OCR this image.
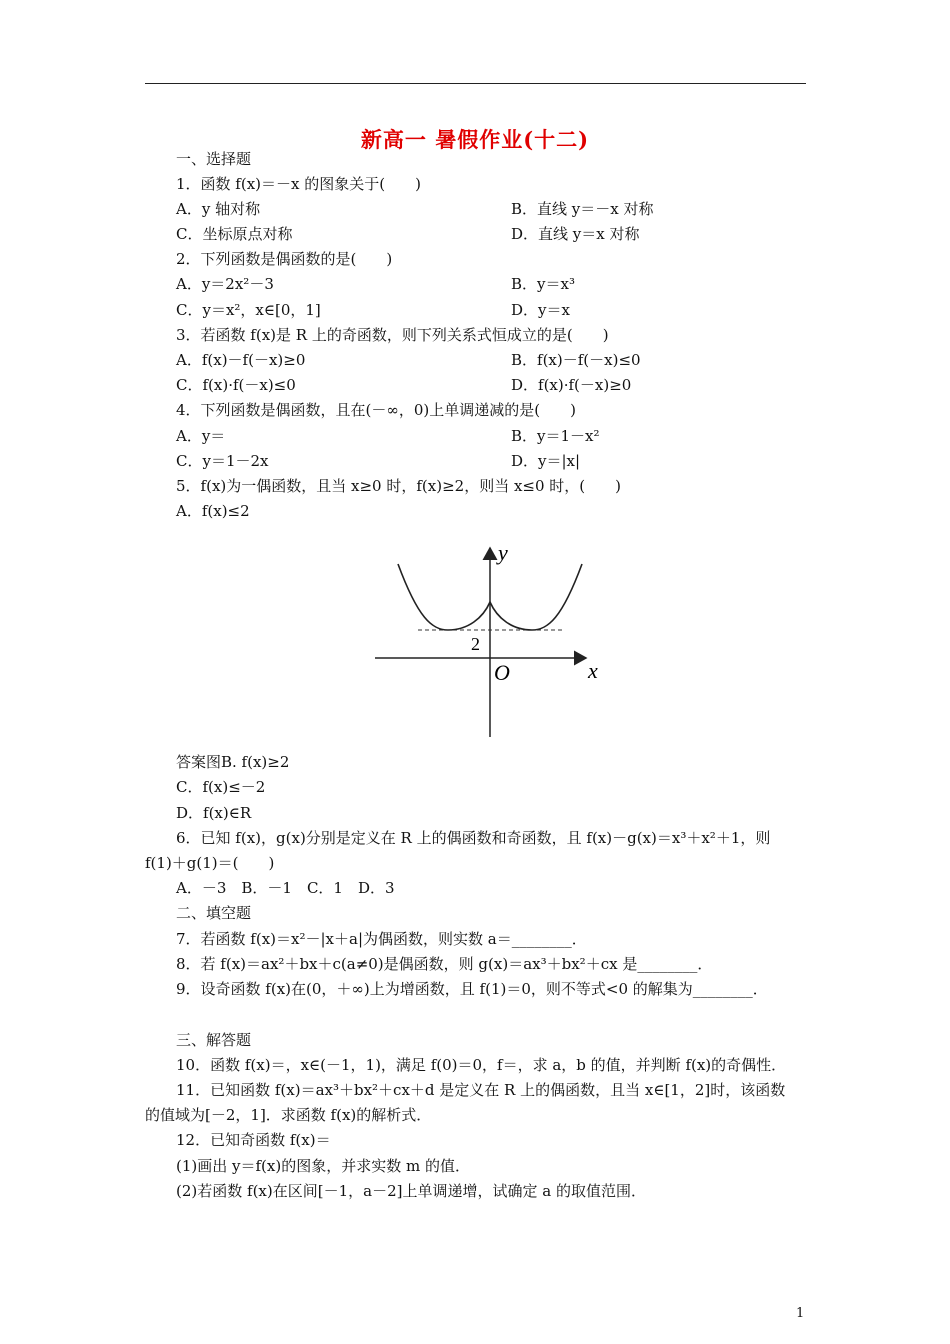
新高一 暑假作业(十二)
一、选择题
1．函数 f(x)＝－x 的图象关于(　　)
A．y 轴对称	B．直线 y＝－x 对称
C．坐标原点对称	D．直线 y＝x 对称
2．下列函数是偶函数的是(　　)
A．y＝2x²－3	B．y＝x³
C．y＝x²，x∈[0，1]	D．y＝x
3．若函数 f(x)是 R 上的奇函数，则下列关系式恒成立的是(　　)
A．f(x)－f(－x)≥0	B．f(x)－f(－x)≤0
C．f(x)·f(－x)≤0	D．f(x)·f(－x)≥0
4．下列函数是偶函数，且在(－∞，0)上单调递减的是(　　)
A．y＝	B．y＝1－x²
C．y＝1－2x	D．y＝|x|
5．f(x)为一偶函数，且当 x≥0 时，f(x)≥2，则当 x≤0 时，(　　)
A．f(x)≤2
y
x
O
2
答案图B. f(x)≥2
C．f(x)≤－2
D．f(x)∈R
6．已知 f(x)，g(x)分别是定义在 R 上的偶函数和奇函数，且 f(x)－g(x)＝x³＋x²＋1，则
f(1)＋g(1)＝(　　)
A．－3　B．－1　C．1　D．3
二、填空题
7．若函数 f(x)＝x²－|x＋a|为偶函数，则实数 a＝________．
8．若 f(x)＝ax²＋bx＋c(a≠0)是偶函数，则 g(x)＝ax³＋bx²＋cx 是________．
9．设奇函数 f(x)在(0，＋∞)上为增函数，且 f(1)＝0，则不等式<0 的解集为________．
三、解答题
10．函数 f(x)＝，x∈(－1，1)，满足 f(0)＝0，f＝，求 a，b 的值，并判断 f(x)的奇偶性．
11．已知函数 f(x)＝ax³＋bx²＋cx＋d 是定义在 R 上的偶函数，且当 x∈[1，2]时，该函数
的值域为[－2，1]．求函数 f(x)的解析式．
12．已知奇函数 f(x)＝
(1)画出 y＝f(x)的图象，并求实数 m 的值．
(2)若函数 f(x)在区间[－1，a－2]上单调递增，试确定 a 的取值范围．
1
